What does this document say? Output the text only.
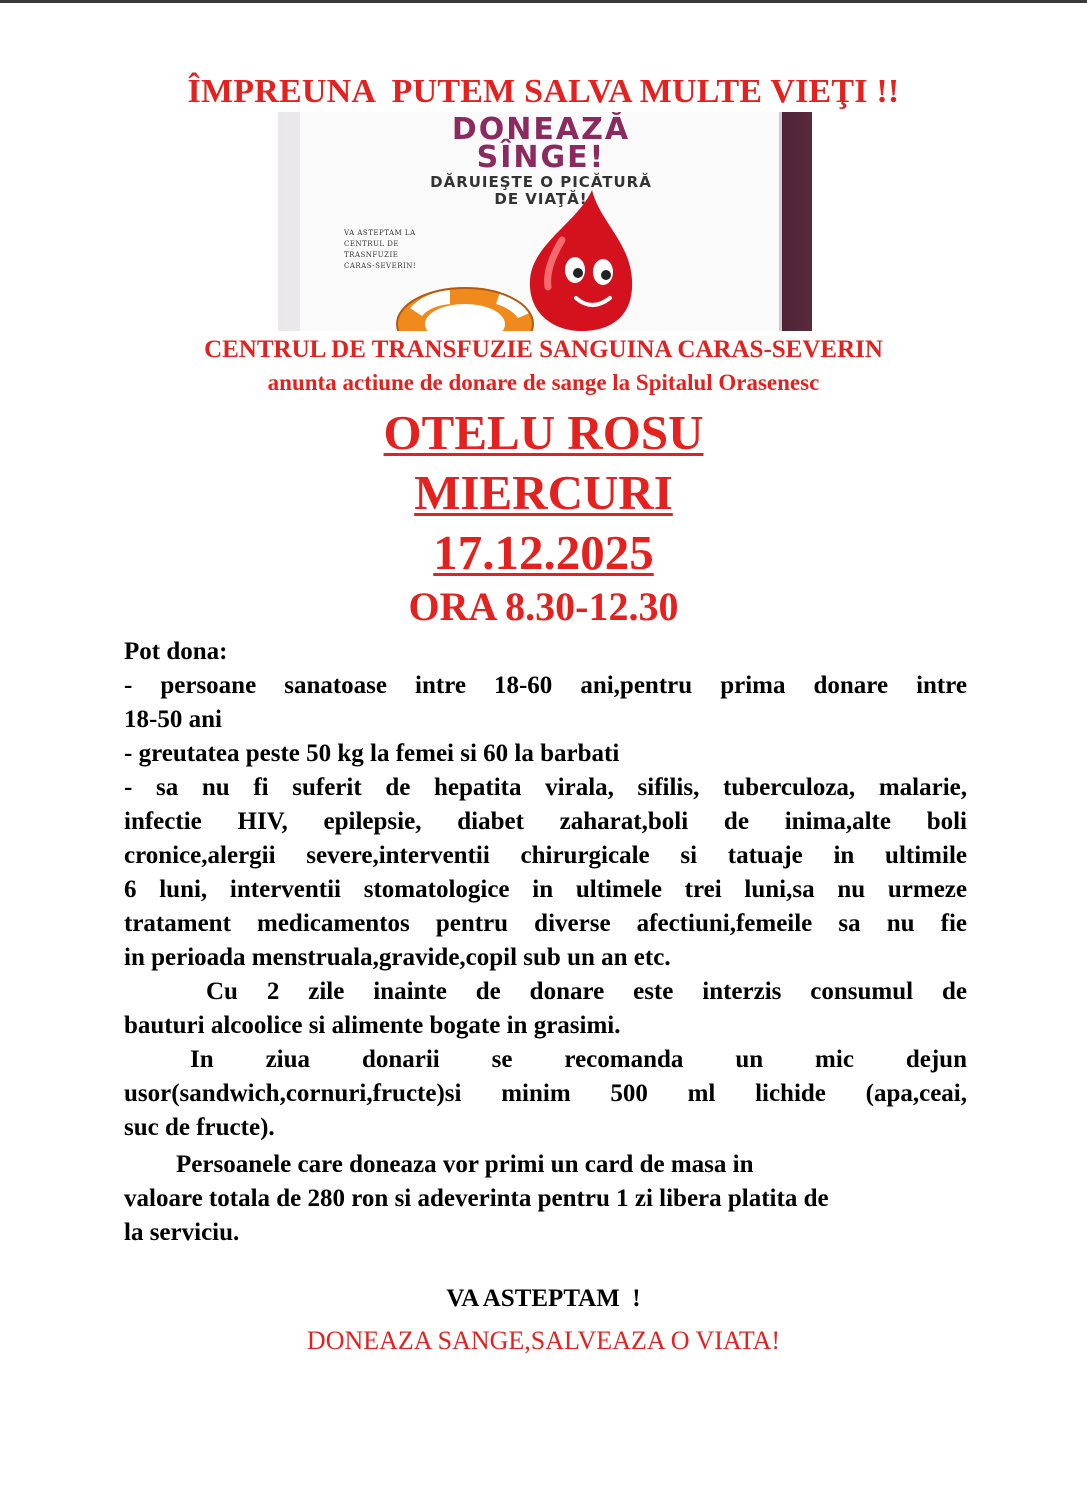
ÎMPREUNA  PUTEM SALVA MULTE VIEŢI !!
DONEAZĂ
SÎNGE!
DĂRUIEŞTE O PICĂTURĂ
DE VIAŢĂ!
VA ASTEPTAM LA
CENTRUL DE
TRASNFUZIE
CARAS-SEVERIN!
CENTRUL DE TRANSFUZIE SANGUINA CARAS-SEVERIN
anunta actiune de donare de sange la Spitalul Orasenesc
OTELU ROSU
MIERCURI
17.12.2025
ORA 8.30-12.30
Pot dona:
- persoane sanatoase intre 18-60 ani,pentru prima donare intre
18-50 ani
- greutatea peste 50 kg la femei si 60 la barbati
- sa nu fi suferit de hepatita virala, sifilis, tuberculoza, malarie,
infectie HIV, epilepsie, diabet zaharat,boli de inima,alte boli
cronice,alergii severe,interventii chirurgicale si tatuaje in ultimile
6 luni, interventii stomatologice in ultimele trei luni,sa nu urmeze
tratament medicamentos pentru diverse afectiuni,femeile sa nu fie
in perioada menstruala,gravide,copil sub un an etc.
Cu 2 zile inainte de donare este interzis consumul de
bauturi alcoolice si alimente bogate in grasimi.
In ziua donarii se recomanda un mic dejun
usor(sandwich,cornuri,fructe)si minim 500 ml lichide (apa,ceai,
suc de fructe).
Persoanele care doneaza vor primi un card de masa in
valoare totala de 280 ron si adeverinta pentru 1 zi libera platita de
la serviciu.
VA ASTEPTAM  !
DONEAZA SANGE,SALVEAZA O VIATA!
